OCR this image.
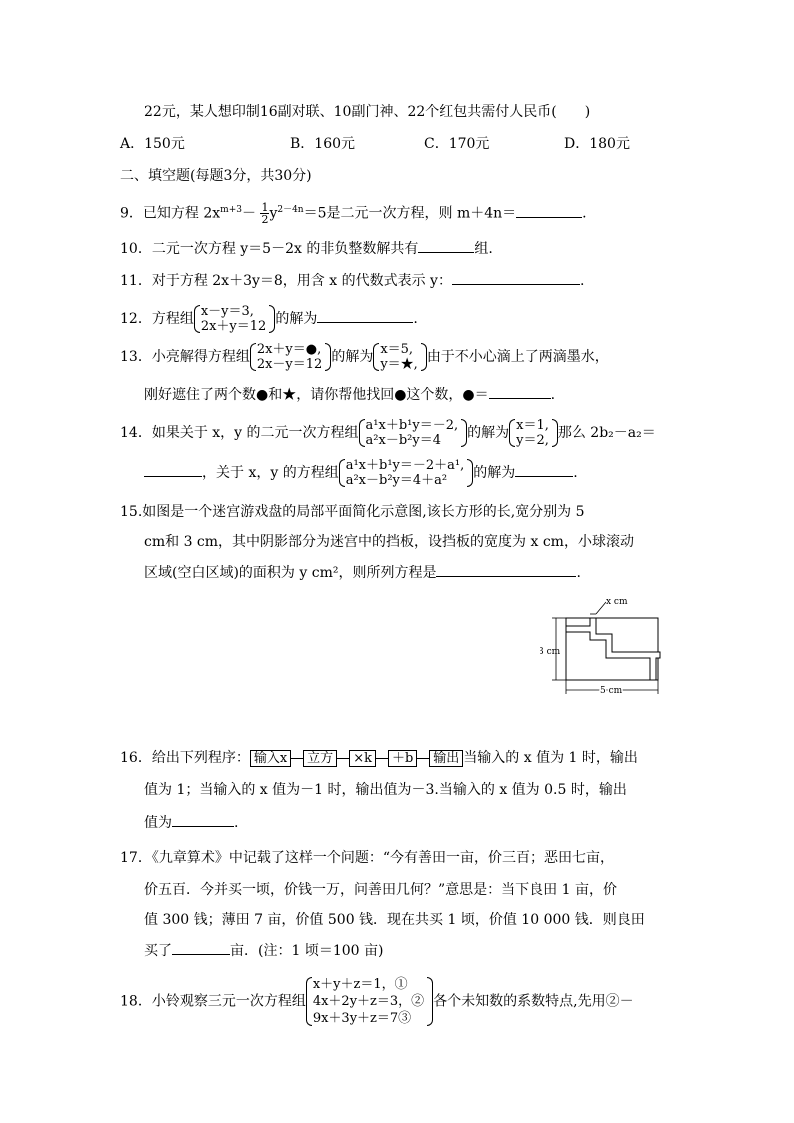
22元，某人想印制16副对联、10副门神、22个红包共需付人民币(　　)
A．150元	B．160元	C．170元	D．180元
二、填空题(每题3分，共30分)
9．已知方程 $2x^{m+3}- \frac{1}{2} y^{2-4n}=5$是二元一次方程，则 m＋4n＝	.
10．二元一次方程 y＝5－2x 的非负整数解共有	组.
11．对于方程 2x＋3y＝8，用含 x 的代数式表示 y：	.
12．方程组 x－y＝3,
2x＋y＝12 的解为	.
13．小亮解得方程组 2x＋y＝●,
2x－y＝12 的解为 x＝5,
y＝★, 由于不小心滴上了两滴墨水，
刚好遮住了两个数●和★，请你帮他找回●这个数，●＝	.
14．如果关于 x，y 的二元一次方程组 a¹x＋b¹y＝－2,
a²x－b²y＝4	的解为 x＝1,
y＝2, 那么 2b₂－a₂＝
，关于 x，y 的方程组 a¹x＋b¹y＝－2＋a¹,
a²x－b²y＝4＋a²	的解为	.
15.如图是一个迷宫游戏盘的局部平面简化示意图,该长方形的长,宽分别为 5
cm和 3 cm，其中阴影部分为迷宫中的挡板，设挡板的宽度为 x cm，小球滚动
区域(空白区域)的面积为 y cm²，则所列方程是	.
x cm
3 cm
5 cm
16．给出下列程序： 输入x 立方 ×k ＋b 输出 当输入的 x 值为 1 时，输出
值为 1；当输入的 x 值为－1 时，输出值为－3.当输入的 x 值为 0.5 时，输出
值为	.
17．《九章算术》中记载了这样一个问题：“今有善田一亩，价三百；恶田七亩，
价五百．今并买一顷，价钱一万，问善田几何？”意思是：当下良田 1 亩，价
值 300 钱；薄田 7 亩，价值 500 钱．现在共买 1 顷，价值 10 000 钱．则良田
买了	亩．(注：1 顷＝100 亩)
18．小铃观察三元一次方程组
x＋y＋z＝1，①
4x＋2y＋z＝3，②
9x＋3y＋z＝7③
各个未知数的系数特点,先用②－
